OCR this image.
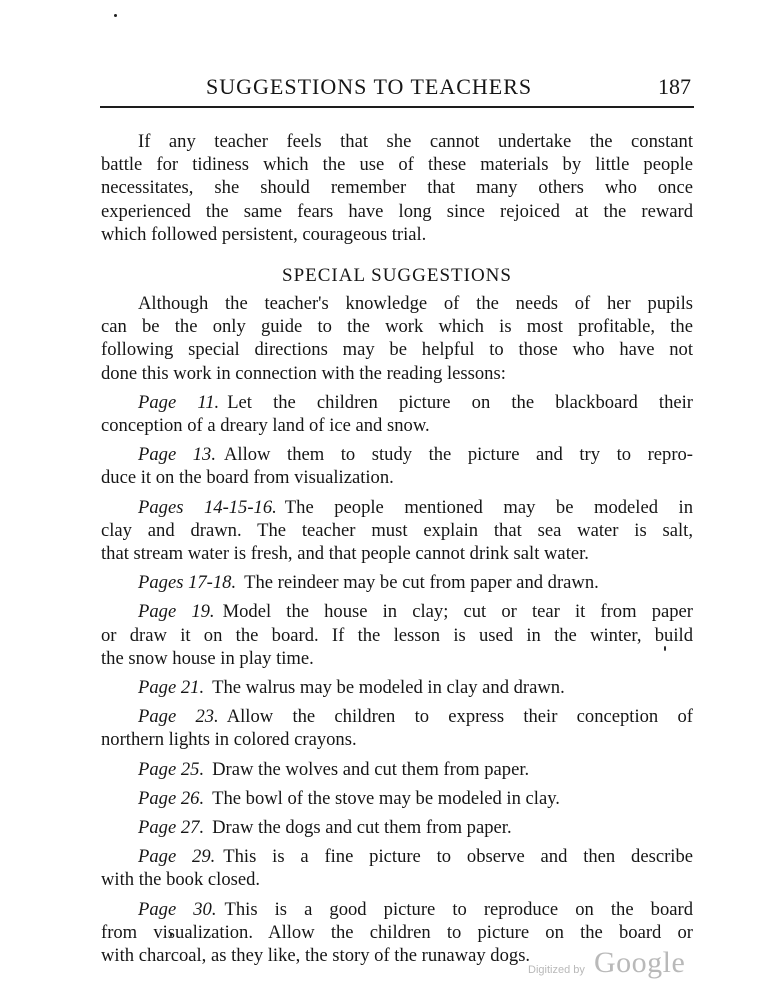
SUGGESTIONS TO TEACHERS	187
If any teacher feels that she cannot undertake the constant
battle for tidiness which the use of these materials by little people
necessitates, she should remember that many others who once
experienced the same fears have long since rejoiced at the reward
which followed persistent, courageous trial.
SPECIAL SUGGESTIONS
Although the teacher's knowledge of the needs of her pupils
can be the only guide to the work which is most profitable, the
following special directions may be helpful to those who have not
done this work in connection with the reading lessons:
Page 11. Let the children picture on the blackboard their
conception of a dreary land of ice and snow.
Page 13. Allow them to study the picture and try to repro-
duce it on the board from visualization.
Pages 14-15-16. The people mentioned may be modeled in
clay and drawn. The teacher must explain that sea water is salt,
that stream water is fresh, and that people cannot drink salt water.
Pages 17-18. The reindeer may be cut from paper and drawn.
Page 19. Model the house in clay; cut or tear it from paper
or draw it on the board. If the lesson is used in the winter, build
the snow house in play time.
Page 21. The walrus may be modeled in clay and drawn.
Page 23. Allow the children to express their conception of
northern lights in colored crayons.
Page 25. Draw the wolves and cut them from paper.
Page 26. The bowl of the stove may be modeled in clay.
Page 27. Draw the dogs and cut them from paper.
Page 29. This is a fine picture to observe and then describe
with the book closed.
Page 30. This is a good picture to reproduce on the board
from visualization. Allow the children to picture on the board or
with charcoal, as they like, the story of the runaway dogs.
Digitized by Google
